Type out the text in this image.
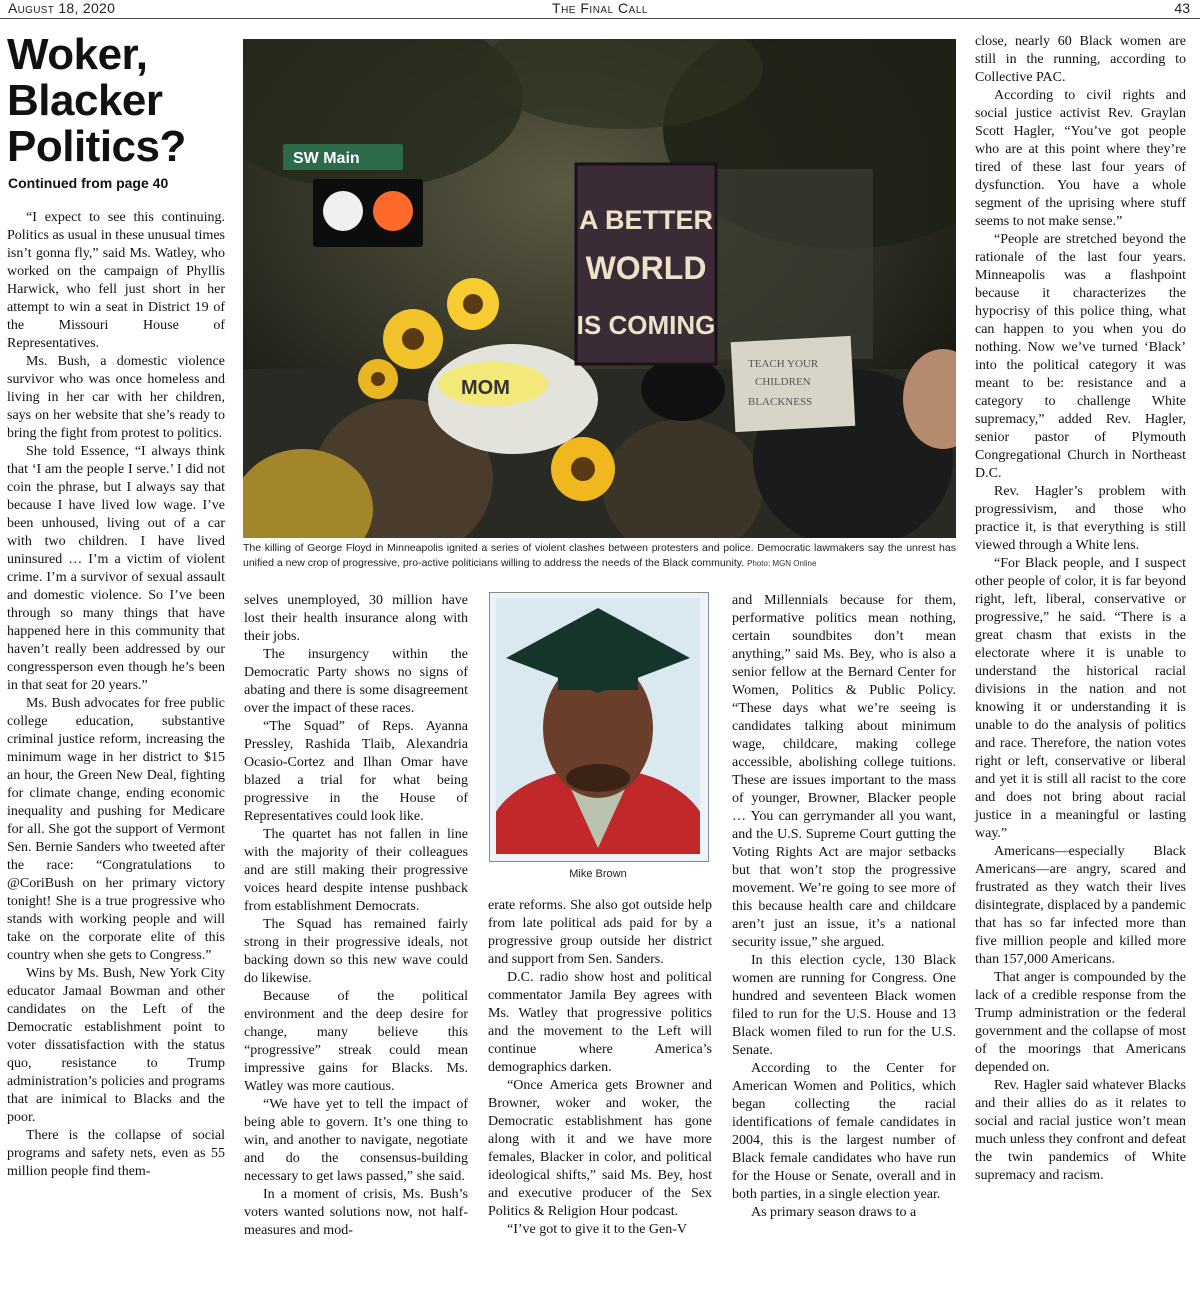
August 18, 2020	The Final Call	43
Woker, Blacker Politics?
Continued from page 40

“I expect to see this continuing. Politics as usual in these unusual times isn’t gonna fly,” said Ms. Watley, who worked on the campaign of Phyllis Harwick, who fell just short in her attempt to win a seat in District 19 of the Missouri House of Representatives.

Ms. Bush, a domestic violence survivor who was once homeless and living in her car with her children, says on her website that she’s ready to bring the fight from protest to politics.

She told Essence, “I always think that ‘I am the people I serve.’ I did not coin the phrase, but I always say that because I have lived low wage. I’ve been unhoused, living out of a car with two children. I have lived uninsured … I’m a victim of violent crime. I’m a survivor of sexual assault and domestic violence. So I’ve been through so many things that have happened here in this community that haven’t really been addressed by our congressperson even though he’s been in that seat for 20 years.”

Ms. Bush advocates for free public college education, substantive criminal justice reform, increasing the minimum wage in her district to $15 an hour, the Green New Deal, fighting for climate change, ending economic inequality and pushing for Medicare for all. She got the support of Vermont Sen. Bernie Sanders who tweeted after the race: “Congratulations to @CoriBush on her primary victory tonight! She is a true progressive who stands with working people and will take on the corporate elite of this country when she gets to Congress.”

Wins by Ms. Bush, New York City educator Jamaal Bowman and other candidates on the Left of the Democratic establishment point to voter dissatisfaction with the status quo, resistance to Trump administration’s policies and programs that are inimical to Blacks and the poor.

There is the collapse of social programs and safety nets, even as 55 million people find them-

SW Main
MOM
TEACH YOUR
CHILDREN
BLACKNESS
A BETTER
WORLD
IS COMING
The killing of George Floyd in Minneapolis ignited a series of violent clashes between protesters and police. Democratic lawmakers say the unrest has unified a new crop of progressive, pro-active politicians willing to address the needs of the Black community. Photo: MGN Online

selves unemployed, 30 million have lost their health insurance along with their jobs.

The insurgency within the Democratic Party shows no signs of abating and there is some disagreement over the impact of these races.

“The Squad” of Reps. Ayanna Pressley, Rashida Tlaib, Alexandria Ocasio-Cortez and Ilhan Omar have blazed a trial for what being progressive in the House of Representatives could look like.

The quartet has not fallen in line with the majority of their colleagues and are still making their progressive voices heard despite intense pushback from establishment Democrats.

The Squad has remained fairly strong in their progressive ideals, not backing down so this new wave could do likewise.

Because of the political environment and the deep desire for change, many believe this “progressive” streak could mean impressive gains for Blacks. Ms. Watley was more cautious.

“We have yet to tell the impact of being able to govern. It’s one thing to win, and another to navigate, negotiate and do the consensus-building necessary to get laws passed,” she said.

In a moment of crisis, Ms. Bush’s voters wanted solutions now, not half-measures and mod-

Mike Brown

erate reforms. She also got outside help from late political ads paid for by a progressive group outside her district and support from Sen. Sanders.

D.C. radio show host and political commentator Jamila Bey agrees with Ms. Watley that progressive politics and the movement to the Left will continue where America’s demographics darken.

“Once America gets Browner and Browner, woker and woker, the Democratic establishment has gone along with it and we have more females, Blacker in color, and political ideological shifts,” said Ms. Bey, host and executive producer of the Sex Politics & Religion Hour podcast.

“I’ve got to give it to the Gen-V

and Millennials because for them, performative politics mean nothing, certain soundbites don’t mean anything,” said Ms. Bey, who is also a senior fellow at the Bernard Center for Women, Politics & Public Policy. “These days what we’re seeing is candidates talking about minimum wage, childcare, making college accessible, abolishing college tuitions. These are issues important to the mass of younger, Browner, Blacker people … You can gerrymander all you want, and the U.S. Supreme Court gutting the Voting Rights Act are major setbacks but that won’t stop the progressive movement. We’re going to see more of this because health care and childcare aren’t just an issue, it’s a national security issue,” she argued.

In this election cycle, 130 Black women are running for Congress. One hundred and seventeen Black women filed to run for the U.S. House and 13 Black women filed to run for the U.S. Senate.

According to the Center for American Women and Politics, which began collecting the racial identifications of female candidates in 2004, this is the largest number of Black female candidates who have run for the House or Senate, overall and in both parties, in a single election year.

As primary season draws to a

close, nearly 60 Black women are still in the running, according to Collective PAC.

According to civil rights and social justice activist Rev. Graylan Scott Hagler, “You’ve got people who are at this point where they’re tired of these last four years of dysfunction. You have a whole segment of the uprising where stuff seems to not make sense.”

“People are stretched beyond the rationale of the last four years. Minneapolis was a flashpoint because it characterizes the hypocrisy of this police thing, what can happen to you when you do nothing. Now we’ve turned ‘Black’ into the political category it was meant to be: resistance and a category to challenge White supremacy,” added Rev. Hagler, senior pastor of Plymouth Congregational Church in Northeast D.C.

Rev. Hagler’s problem with progressivism, and those who practice it, is that everything is still viewed through a White lens.

“For Black people, and I suspect other people of color, it is far beyond right, left, liberal, conservative or progressive,” he said. “There is a great chasm that exists in the electorate where it is unable to understand the historical racial divisions in the nation and not knowing it or understanding it is unable to do the analysis of politics and race. Therefore, the nation votes right or left, conservative or liberal and yet it is still all racist to the core and does not bring about racial justice in a meaningful or lasting way.”

Americans—especially Black Americans—are angry, scared and frustrated as they watch their lives disintegrate, displaced by a pandemic that has so far infected more than five million people and killed more than 157,000 Americans.

That anger is compounded by the lack of a credible response from the Trump administration or the federal government and the collapse of most of the moorings that Americans depended on.

Rev. Hagler said whatever Blacks and their allies do as it relates to social and racial justice won’t mean much unless they confront and defeat the twin pandemics of White supremacy and racism.
